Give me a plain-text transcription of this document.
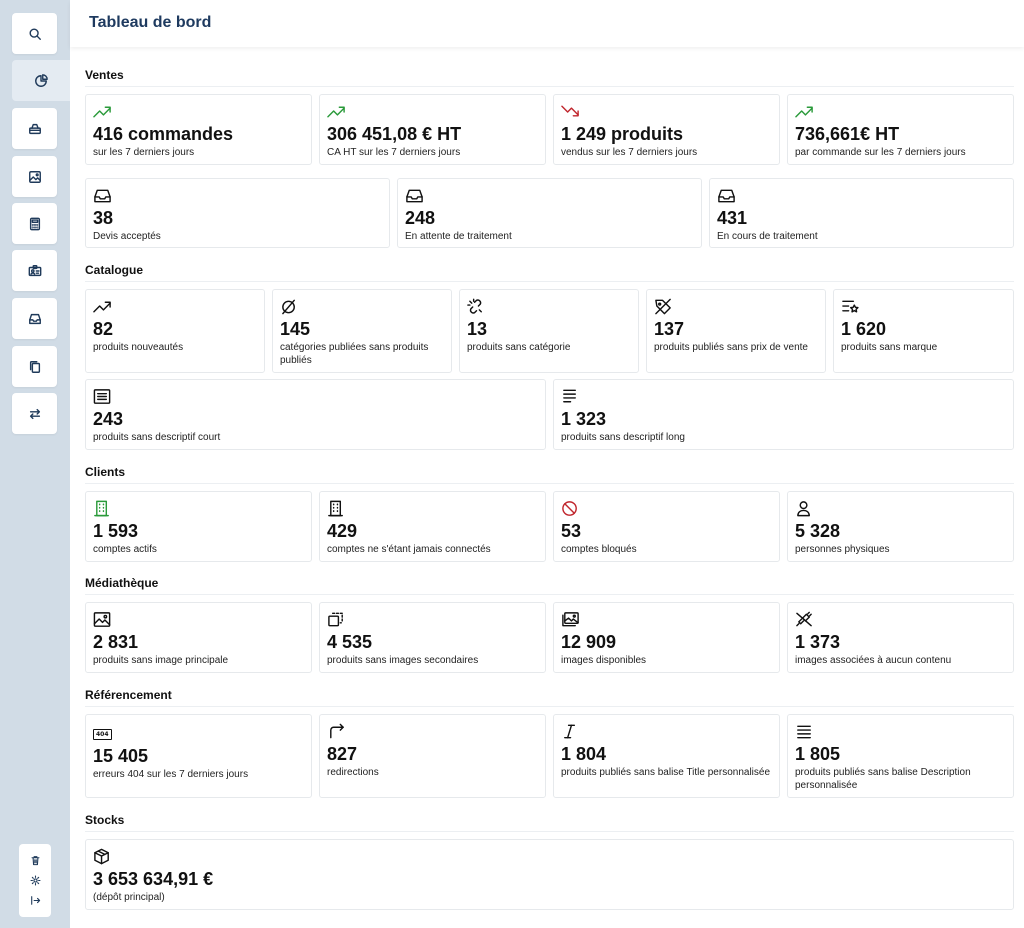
Tableau de bord
Ventes
416 commandes
sur les 7 derniers jours
306 451,08 € HT
CA HT sur les 7 derniers jours
1 249 produits
vendus sur les 7 derniers jours
736,661€ HT
par commande sur les 7 derniers jours
38
Devis acceptés
248
En attente de traitement
431
En cours de traitement
Catalogue
82
produits nouveautés
145
catégories publiées sans produits publiés
13
produits sans catégorie
137
produits publiés sans prix de vente
1 620
produits sans marque
243
produits sans descriptif court
1 323
produits sans descriptif long
Clients
1 593
comptes actifs
429
comptes ne s'étant jamais connectés
53
comptes bloqués
5 328
personnes physiques
Médiathèque
2 831
produits sans image principale
4 535
produits sans images secondaires
12 909
images disponibles
1 373
images associées à aucun contenu
Référencement
404
15 405
erreurs 404 sur les 7 derniers jours
827
redirections
1 804
produits publiés sans balise Title personnalisée
1 805
produits publiés sans balise Description personnalisée
Stocks
3 653 634,91 €
(dépôt principal)
